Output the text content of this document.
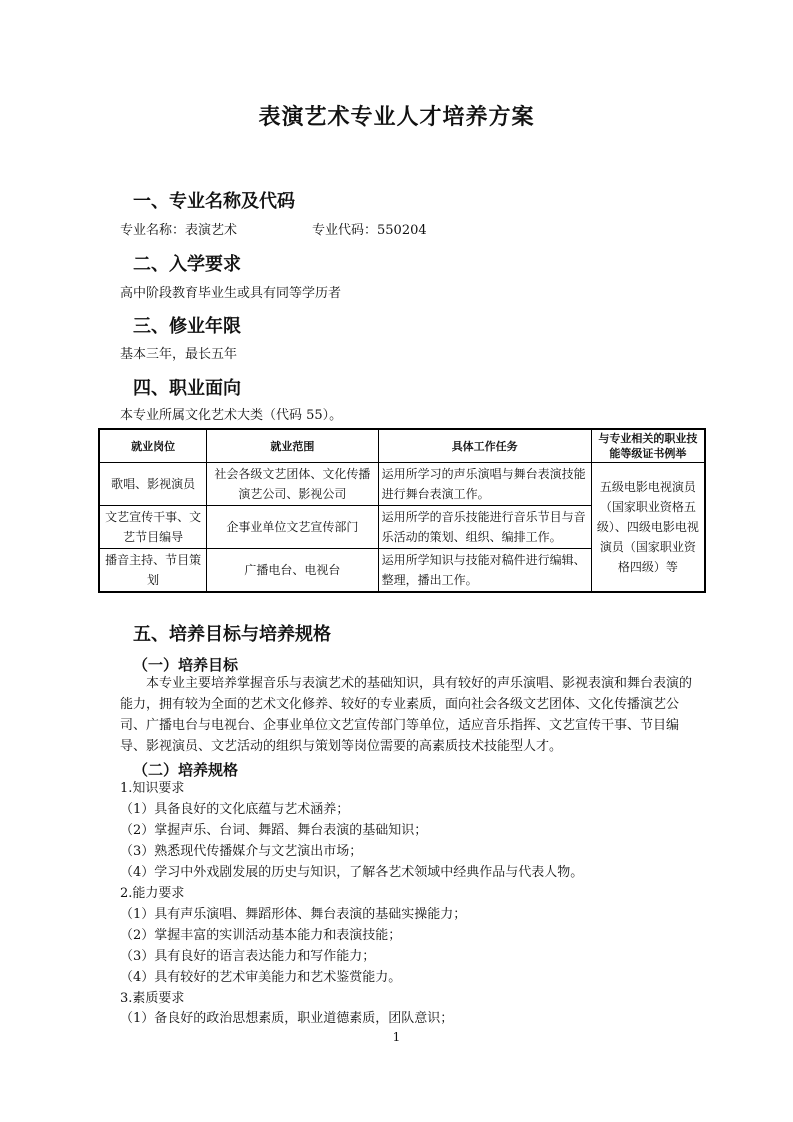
表演艺术专业人才培养方案
一、专业名称及代码
专业名称：表演艺术	专业代码：550204
二、入学要求
高中阶段教育毕业生或具有同等学历者
三、修业年限
基本三年，最长五年
四、职业面向
本专业所属文化艺术大类（代码 55）。
就业岗位	就业范围	具体工作任务	与专业相关的职业技能等级证书例举
歌唱、影视演员	社会各级文艺团体、文化传播演艺公司、影视公司	运用所学习的声乐演唱与舞台表演技能进行舞台表演工作。	五级电影电视演员（国家职业资格五级）、四级电影电视演员（国家职业资格四级）等
文艺宣传干事、文艺节目编导	企事业单位文艺宣传部门	运用所学的音乐技能进行音乐节目与音乐活动的策划、组织、编排工作。	
播音主持、节目策划	广播电台、电视台	运用所学知识与技能对稿件进行编辑、整理，播出工作。	
五、培养目标与培养规格
（一）培养目标
本专业主要培养掌握音乐与表演艺术的基础知识，具有较好的声乐演唱、影视表演和舞台表演的能力，拥有较为全面的艺术文化修养、较好的专业素质，面向社会各级文艺团体、文化传播演艺公司、广播电台与电视台、企事业单位文艺宣传部门等单位，适应音乐指挥、文艺宣传干事、节目编导、影视演员、文艺活动的组织与策划等岗位需要的高素质技术技能型人才。
（二）培养规格
1.知识要求
（1）具备良好的文化底蕴与艺术涵养；
（2）掌握声乐、台词、舞蹈、舞台表演的基础知识；
（3）熟悉现代传播媒介与文艺演出市场；
（4）学习中外戏剧发展的历史与知识，了解各艺术领域中经典作品与代表人物。
2.能力要求
（1）具有声乐演唱、舞蹈形体、舞台表演的基础实操能力；
（2）掌握丰富的实训活动基本能力和表演技能；
（3）具有良好的语言表达能力和写作能力；
（4）具有较好的艺术审美能力和艺术鉴赏能力。
3.素质要求
（1）备良好的政治思想素质，职业道德素质，团队意识；
1
